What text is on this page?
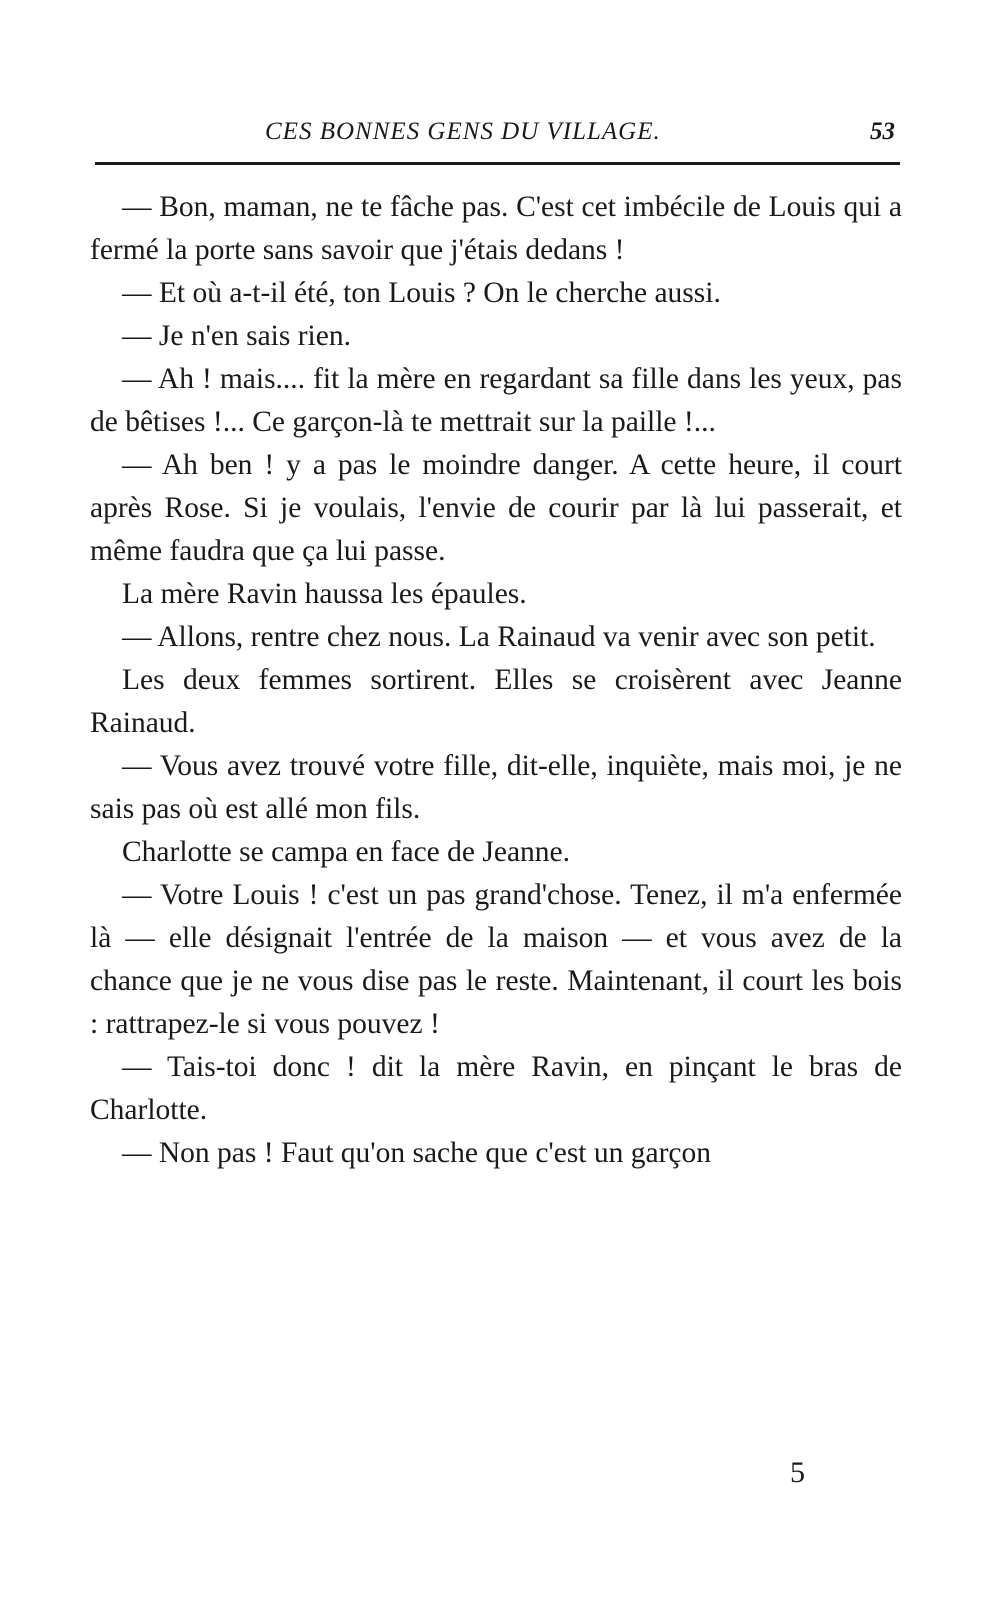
CES BONNES GENS DU VILLAGE.	53

— Bon, maman, ne te fâche pas. C'est cet imbécile de Louis qui a fermé la porte sans savoir que j'étais dedans !

— Et où a-t-il été, ton Louis ? On le cherche aussi.

— Je n'en sais rien.

— Ah ! mais.... fit la mère en regardant sa fille dans les yeux, pas de bêtises !... Ce garçon-là te mettrait sur la paille !...

— Ah ben ! y a pas le moindre danger. A cette heure, il court après Rose. Si je voulais, l'envie de courir par là lui passerait, et même faudra que ça lui passe.

La mère Ravin haussa les épaules.

— Allons, rentre chez nous. La Rainaud va venir avec son petit.

Les deux femmes sortirent. Elles se croisèrent avec Jeanne Rainaud.

— Vous avez trouvé votre fille, dit-elle, inquiète, mais moi, je ne sais pas où est allé mon fils.

Charlotte se campa en face de Jeanne.

— Votre Louis ! c'est un pas grand'chose. Tenez, il m'a enfermée là — elle désignait l'entrée de la maison — et vous avez de la chance que je ne vous dise pas le reste. Maintenant, il court les bois : rattrapez-le si vous pouvez !

— Tais-toi donc ! dit la mère Ravin, en pinçant le bras de Charlotte.

— Non pas ! Faut qu'on sache que c'est un garçon

5
